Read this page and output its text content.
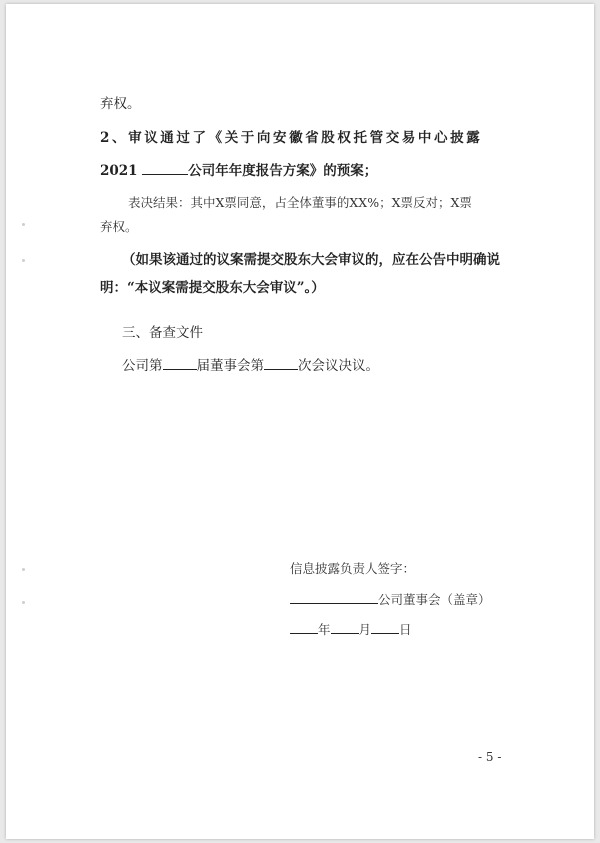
弃权。
2、审议通过了《关于向安徽省股权托管交易中心披露
2021	公司年年度报告方案》的预案；
表决结果：其中X票同意，占全体董事的XX%；X票反对；X票
弃权。
（如果该通过的议案需提交股东大会审议的，应在公告中明确说
明：“本议案需提交股东大会审议”。）
三、备查文件
公司第	届董事会第	次会议决议。
信息披露负责人签字：
公司董事会（盖章）
年 月 日
- 5 -
